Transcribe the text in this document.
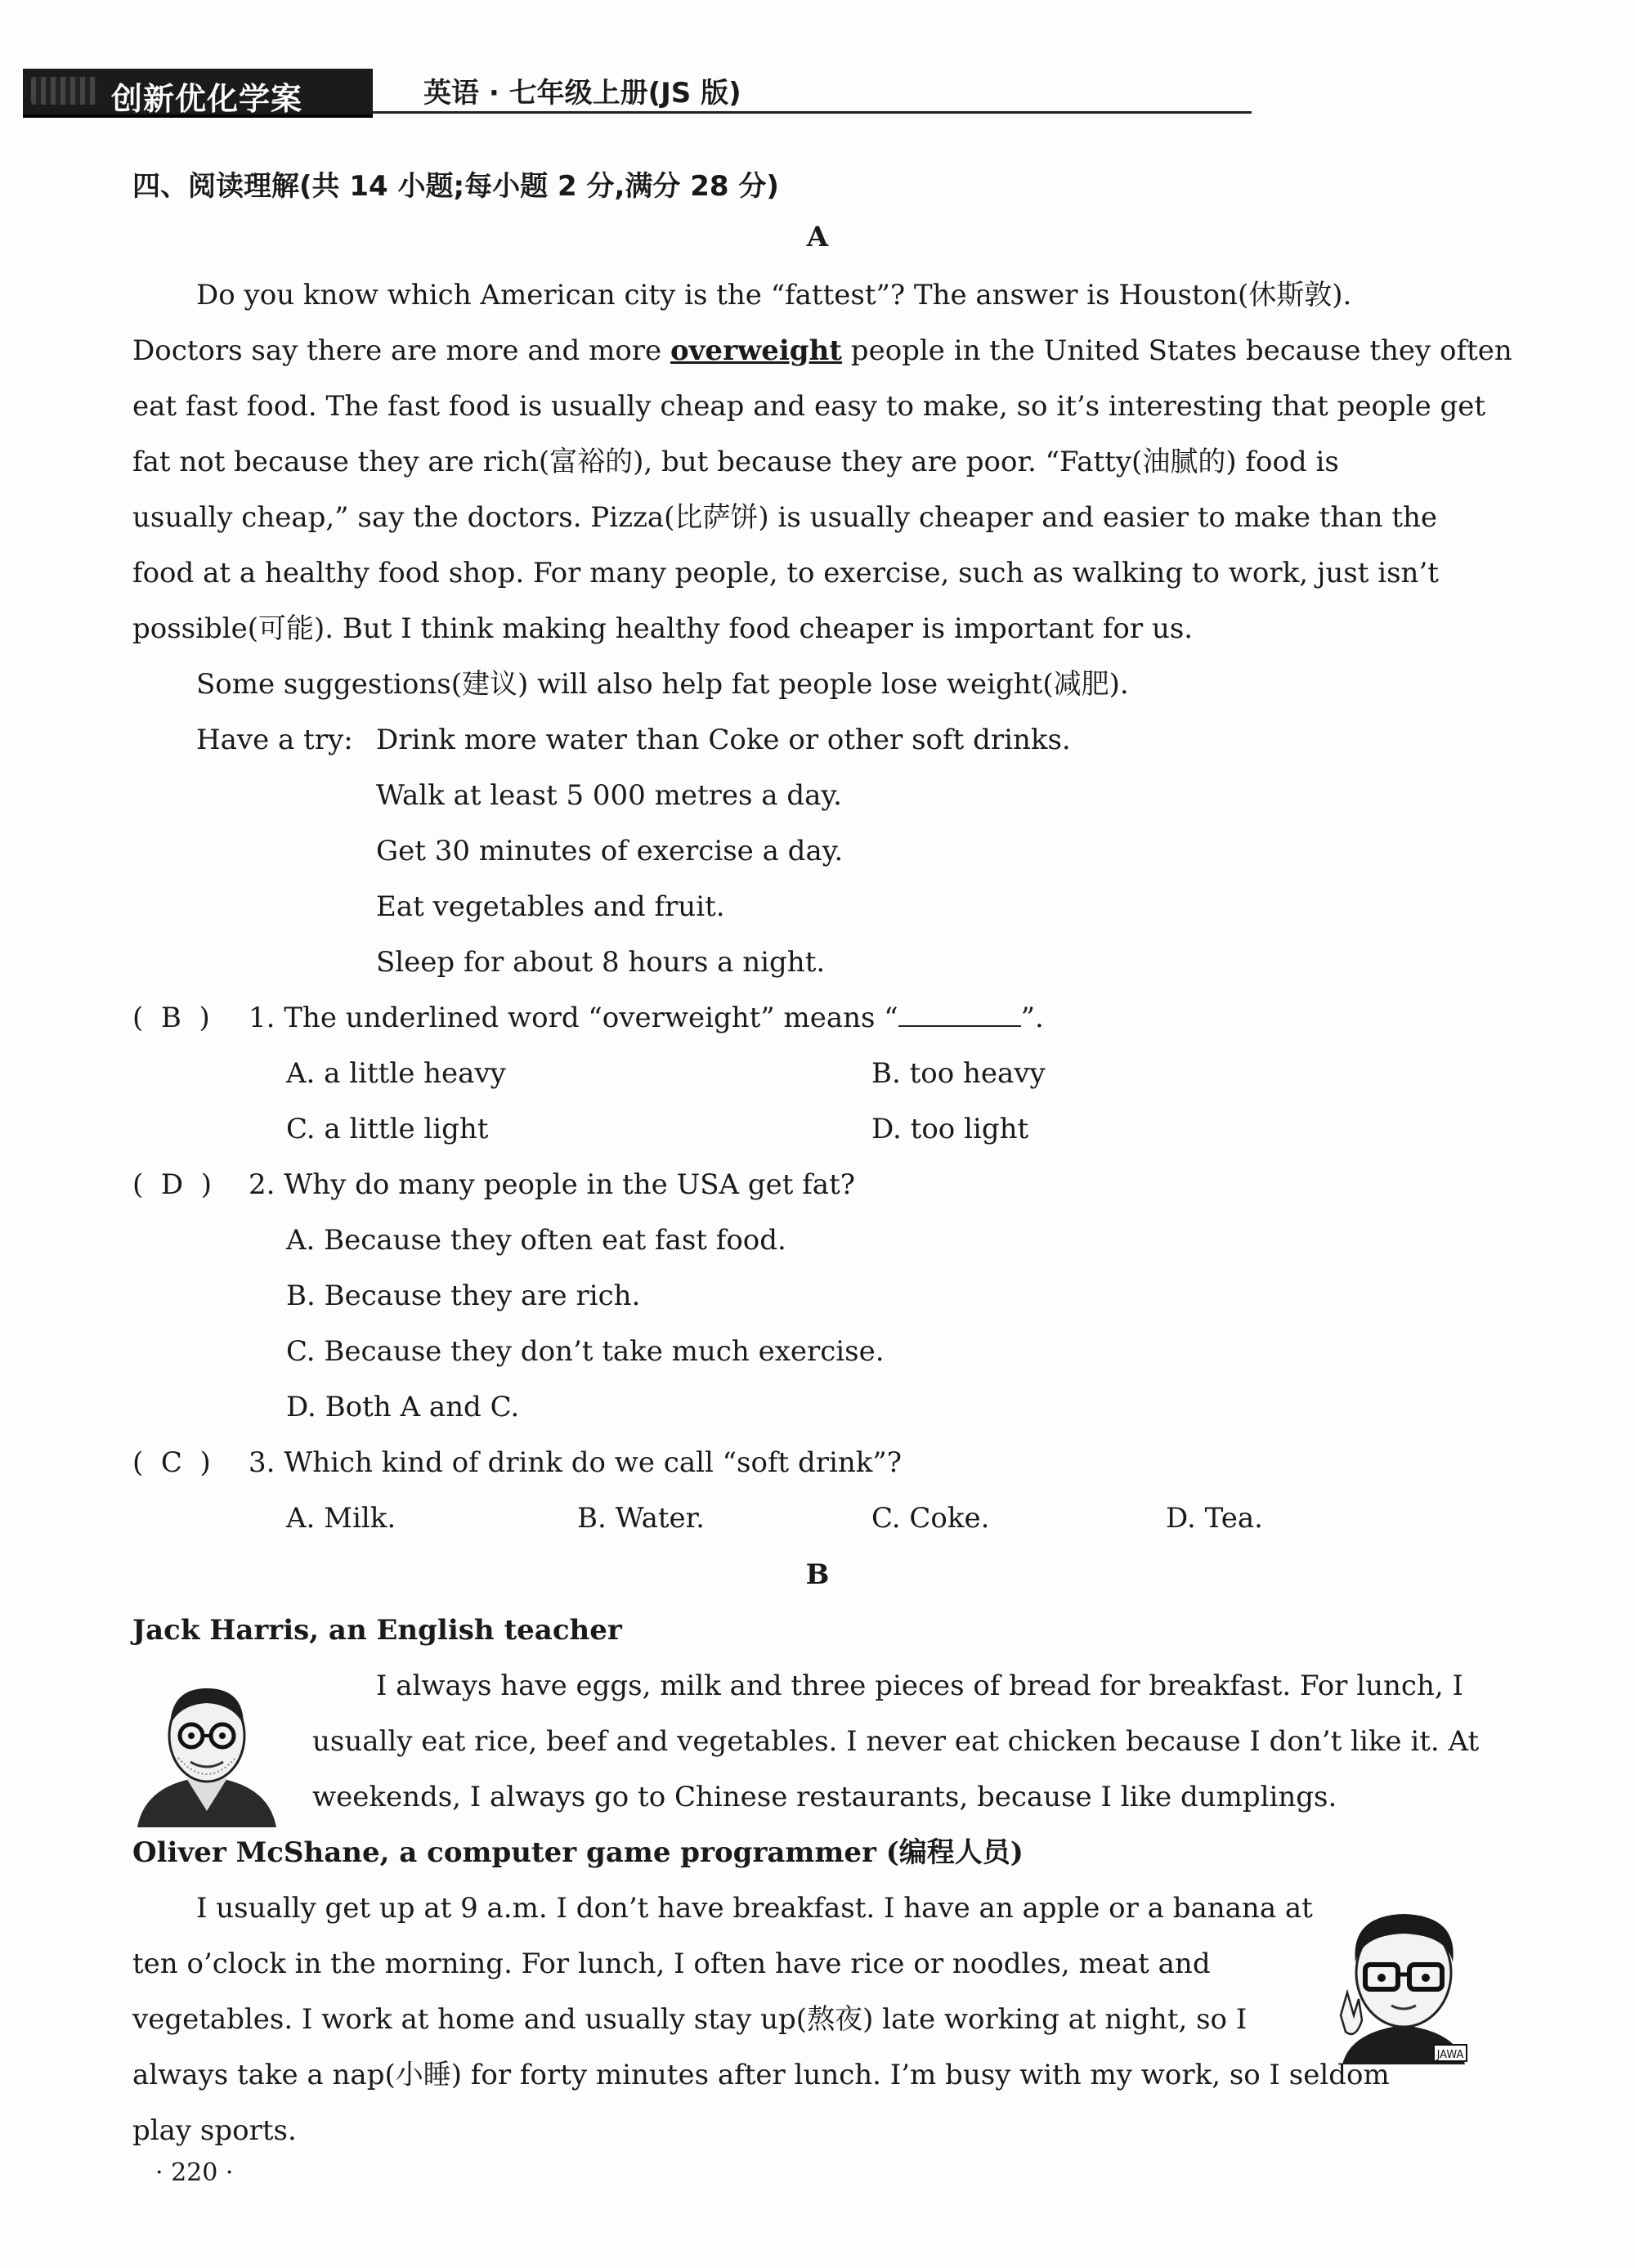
创新优化学案	英语 · 七年级上册(JS 版)
四、阅读理解(共 14 小题;每小题 2 分,满分 28 分)
A
Do you know which American city is the “fattest”? The answer is Houston(休斯敦).
Doctors say there are more and more overweight people in the United States because they often
eat fast food. The fast food is usually cheap and easy to make, so it’s interesting that people get
fat not because they are rich(富裕的), but because they are poor. “Fatty(油腻的) food is
usually cheap,” say the doctors. Pizza(比萨饼) is usually cheaper and easier to make than the
food at a healthy food shop. For many people, to exercise, such as walking to work, just isn’t
possible(可能). But I think making healthy food cheaper is important for us.
Some suggestions(建议) will also help fat people lose weight(减肥).
Have a try: Drink more water than Coke or other soft drinks.
Walk at least 5 000 metres a day.
Get 30 minutes of exercise a day.
Eat vegetables and fruit.
Sleep for about 8 hours a night.
(  B  ) 1. The underlined word “overweight” means “	”.
A. a little heavy	B. too heavy
C. a little light	D. too light
(  D  ) 2. Why do many people in the USA get fat?
A. Because they often eat fast food.
B. Because they are rich.
C. Because they don’t take much exercise.
D. Both A and C.
(  C  ) 3. Which kind of drink do we call “soft drink”?
A. Milk.	B. Water.	C. Coke.	D. Tea.
B
Jack Harris, an English teacher
I always have eggs, milk and three pieces of bread for breakfast. For lunch, I
usually eat rice, beef and vegetables. I never eat chicken because I don’t like it. At
weekends, I always go to Chinese restaurants, because I like dumplings.
Oliver McShane, a computer game programmer (编程人员)
I usually get up at 9 a.m. I don’t have breakfast. I have an apple or a banana at
ten o’clock in the morning. For lunch, I often have rice or noodles, meat and
vegetables. I work at home and usually stay up(熬夜) late working at night, so I
JAWA
always take a nap(小睡) for forty minutes after lunch. I’m busy with my work, so I seldom
play sports.
· 220 ·
